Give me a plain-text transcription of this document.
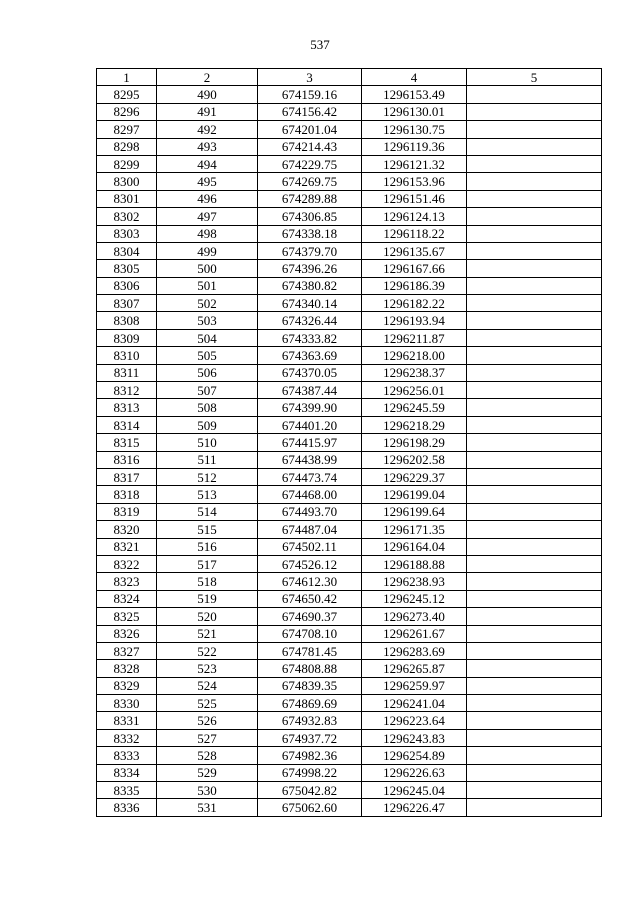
537
1	2	3	4	5
8295	490	674159.16	1296153.49	
8296	491	674156.42	1296130.01	
8297	492	674201.04	1296130.75	
8298	493	674214.43	1296119.36	
8299	494	674229.75	1296121.32	
8300	495	674269.75	1296153.96	
8301	496	674289.88	1296151.46	
8302	497	674306.85	1296124.13	
8303	498	674338.18	1296118.22	
8304	499	674379.70	1296135.67	
8305	500	674396.26	1296167.66	
8306	501	674380.82	1296186.39	
8307	502	674340.14	1296182.22	
8308	503	674326.44	1296193.94	
8309	504	674333.82	1296211.87	
8310	505	674363.69	1296218.00	
8311	506	674370.05	1296238.37	
8312	507	674387.44	1296256.01	
8313	508	674399.90	1296245.59	
8314	509	674401.20	1296218.29	
8315	510	674415.97	1296198.29	
8316	511	674438.99	1296202.58	
8317	512	674473.74	1296229.37	
8318	513	674468.00	1296199.04	
8319	514	674493.70	1296199.64	
8320	515	674487.04	1296171.35	
8321	516	674502.11	1296164.04	
8322	517	674526.12	1296188.88	
8323	518	674612.30	1296238.93	
8324	519	674650.42	1296245.12	
8325	520	674690.37	1296273.40	
8326	521	674708.10	1296261.67	
8327	522	674781.45	1296283.69	
8328	523	674808.88	1296265.87	
8329	524	674839.35	1296259.97	
8330	525	674869.69	1296241.04	
8331	526	674932.83	1296223.64	
8332	527	674937.72	1296243.83	
8333	528	674982.36	1296254.89	
8334	529	674998.22	1296226.63	
8335	530	675042.82	1296245.04	
8336	531	675062.60	1296226.47	
